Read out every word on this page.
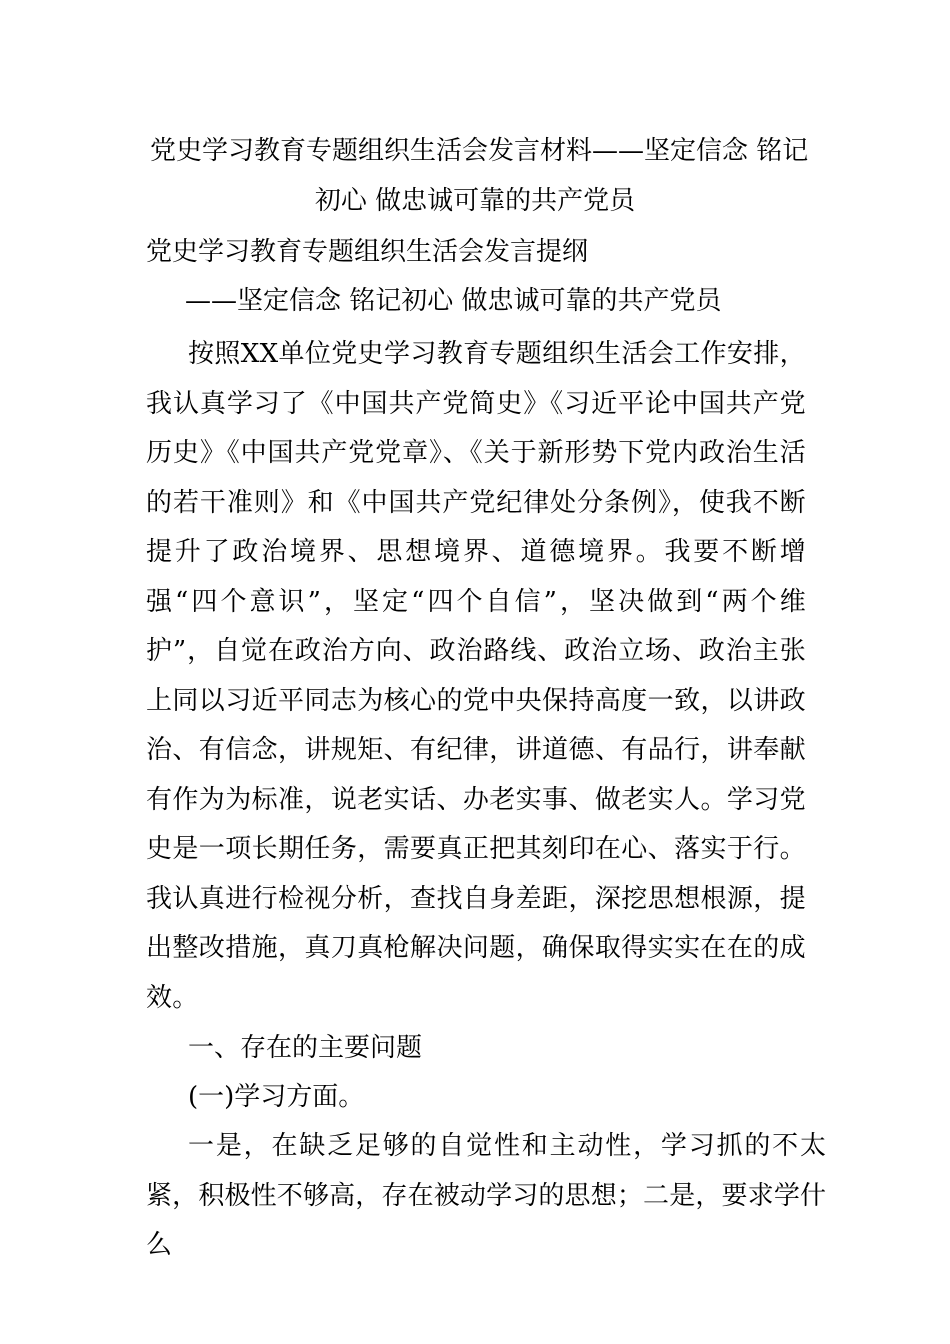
党史学习教育专题组织生活会发言材料——坚定信念 铭记
初心 做忠诚可靠的共产党员
党史学习教育专题组织生活会发言提纲
——坚定信念 铭记初心 做忠诚可靠的共产党员
按照XX单位党史学习教育专题组织生活会工作安排，我认真学习了《中国共产党简史》《习近平论中国共产党历史》《中国共产党党章》、《关于新形势下党内政治生活的若干准则》和《中国共产党纪律处分条例》，使我不断提升了政治境界、思想境界、道德境界。我要不断增强“四个意识”，坚定“四个自信”，坚决做到“两个维护”，自觉在政治方向、政治路线、政治立场、政治主张上同以习近平同志为核心的党中央保持高度一致，以讲政治、有信念，讲规矩、有纪律，讲道德、有品行，讲奉献有作为为标准，说老实话、办老实事、做老实人。学习党史是一项长期任务，需要真正把其刻印在心、落实于行。我认真进行检视分析，查找自身差距，深挖思想根源，提出整改措施，真刀真枪解决问题，确保取得实实在在的成效。
一、存在的主要问题
(一)学习方面。
一是，在缺乏足够的自觉性和主动性，学习抓的不太紧，积极性不够高，存在被动学习的思想；二是，要求学什么
